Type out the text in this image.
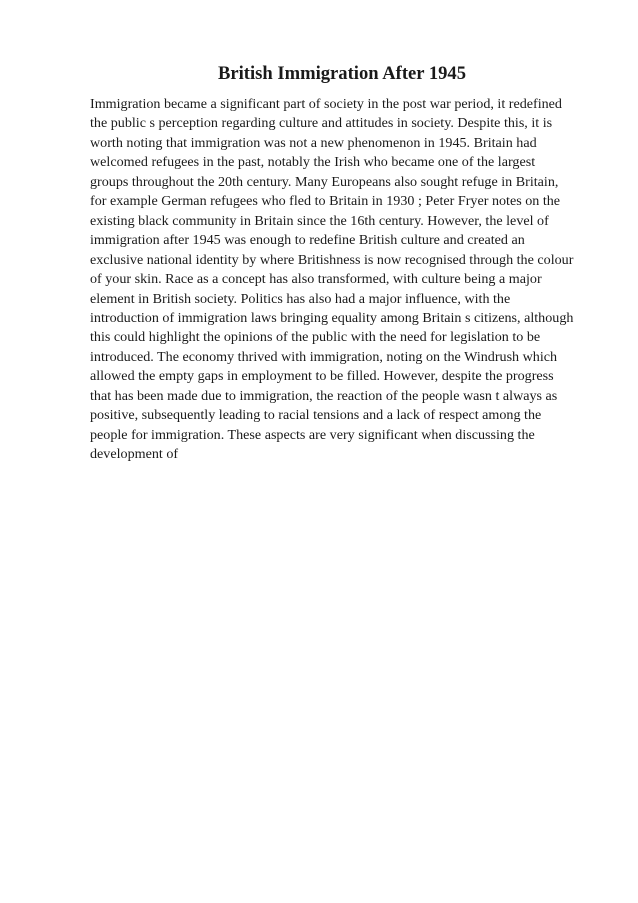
British Immigration After 1945

Immigration became a significant part of society in the post war period, it redefined
the public s perception regarding culture and attitudes in society. Despite this, it is
worth noting that immigration was not a new phenomenon in 1945. Britain had
welcomed refugees in the past, notably the Irish who became one of the largest
groups throughout the 20th century. Many Europeans also sought refuge in Britain,
for example German refugees who fled to Britain in 1930 ; Peter Fryer notes on the
existing black community in Britain since the 16th century. However, the level of
immigration after 1945 was enough to redefine British culture and created an
exclusive national identity by where Britishness is now recognised through the colour
of your skin. Race as a concept has also transformed, with culture being a major
element in British society. Politics has also had a major influence, with the
introduction of immigration laws bringing equality among Britain s citizens, although
this could highlight the opinions of the public with the need for legislation to be
introduced. The economy thrived with immigration, noting on the Windrush which
allowed the empty gaps in employment to be filled. However, despite the progress
that has been made due to immigration, the reaction of the people wasn t always as
positive, subsequently leading to racial tensions and a lack of respect among the
people for immigration. These aspects are very significant when discussing the
development of
